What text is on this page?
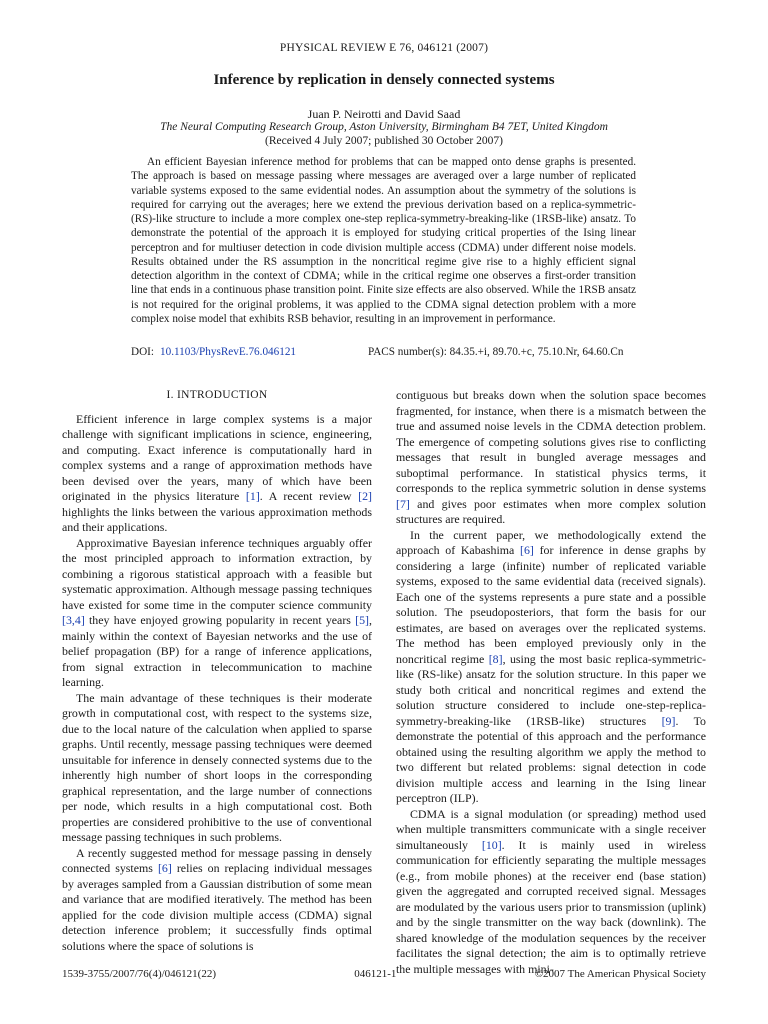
PHYSICAL REVIEW E 76, 046121 (2007)
Inference by replication in densely connected systems
Juan P. Neirotti and David Saad
The Neural Computing Research Group, Aston University, Birmingham B4 7ET, United Kingdom
(Received 4 July 2007; published 30 October 2007)

An efficient Bayesian inference method for problems that can be mapped onto dense graphs is presented. The approach is based on message passing where messages are averaged over a large number of replicated variable systems exposed to the same evidential nodes. An assumption about the symmetry of the solutions is required for carrying out the averages; here we extend the previous derivation based on a replica-symmetric-(RS)-like structure to include a more complex one-step replica-symmetry-breaking-like (1RSB-like) ansatz. To demonstrate the potential of the approach it is employed for studying critical properties of the Ising linear perceptron and for multiuser detection in code division multiple access (CDMA) under different noise models. Results obtained under the RS assumption in the noncritical regime give rise to a highly efficient signal detection algorithm in the context of CDMA; while in the critical regime one observes a first-order transition line that ends in a continuous phase transition point. Finite size effects are also observed. While the 1RSB ansatz is not required for the original problems, it was applied to the CDMA signal detection problem with a more complex noise model that exhibits RSB behavior, resulting in an improvement in performance.

DOI: 10.1103/PhysRevE.76.046121	PACS number(s): 84.35.+i, 89.70.+c, 75.10.Nr, 64.60.Cn
I. INTRODUCTION

Efficient inference in large complex systems is a major challenge with significant implications in science, engineering, and computing. Exact inference is computationally hard in complex systems and a range of approximation methods have been devised over the years, many of which have been originated in the physics literature [1]. A recent review [2] highlights the links between the various approximation methods and their applications.

Approximative Bayesian inference techniques arguably offer the most principled approach to information extraction, by combining a rigorous statistical approach with a feasible but systematic approximation. Although message passing techniques have existed for some time in the computer science community [3,4] they have enjoyed growing popularity in recent years [5], mainly within the context of Bayesian networks and the use of belief propagation (BP) for a range of inference applications, from signal extraction in telecommunication to machine learning.

The main advantage of these techniques is their moderate growth in computational cost, with respect to the systems size, due to the local nature of the calculation when applied to sparse graphs. Until recently, message passing techniques were deemed unsuitable for inference in densely connected systems due to the inherently high number of short loops in the corresponding graphical representation, and the large number of connections per node, which results in a high computational cost. Both properties are considered prohibitive to the use of conventional message passing techniques in such problems.

A recently suggested method for message passing in densely connected systems [6] relies on replacing individual messages by averages sampled from a Gaussian distribution of some mean and variance that are modified iteratively. The method has been applied for the code division multiple access (CDMA) signal detection inference problem; it successfully finds optimal solutions where the space of solutions is

contiguous but breaks down when the solution space becomes fragmented, for instance, when there is a mismatch between the true and assumed noise levels in the CDMA detection problem. The emergence of competing solutions gives rise to conflicting messages that result in bungled average messages and suboptimal performance. In statistical physics terms, it corresponds to the replica symmetric solution in dense systems [7] and gives poor estimates when more complex solution structures are required.

In the current paper, we methodologically extend the approach of Kabashima [6] for inference in dense graphs by considering a large (infinite) number of replicated variable systems, exposed to the same evidential data (received signals). Each one of the systems represents a pure state and a possible solution. The pseudoposteriors, that form the basis for our estimates, are based on averages over the replicated systems. The method has been employed previously only in the noncritical regime [8], using the most basic replica-symmetric-like (RS-like) ansatz for the solution structure. In this paper we study both critical and noncritical regimes and extend the solution structure considered to include one-step-replica-symmetry-breaking-like (1RSB-like) structures [9]. To demonstrate the potential of this approach and the performance obtained using the resulting algorithm we apply the method to two different but related problems: signal detection in code division multiple access and learning in the Ising linear perceptron (ILP).

CDMA is a signal modulation (or spreading) method used when multiple transmitters communicate with a single receiver simultaneously [10]. It is mainly used in wireless communication for efficiently separating the multiple messages (e.g., from mobile phones) at the receiver end (base station) given the aggregated and corrupted received signal. Messages are modulated by the various users prior to transmission (uplink) and by the single transmitter on the way back (downlink). The shared knowledge of the modulation sequences by the receiver facilitates the signal detection; the aim is to optimally retrieve the multiple messages with mini-

1539-3755/2007/76(4)/046121(22)	046121-1	©2007 The American Physical Society
